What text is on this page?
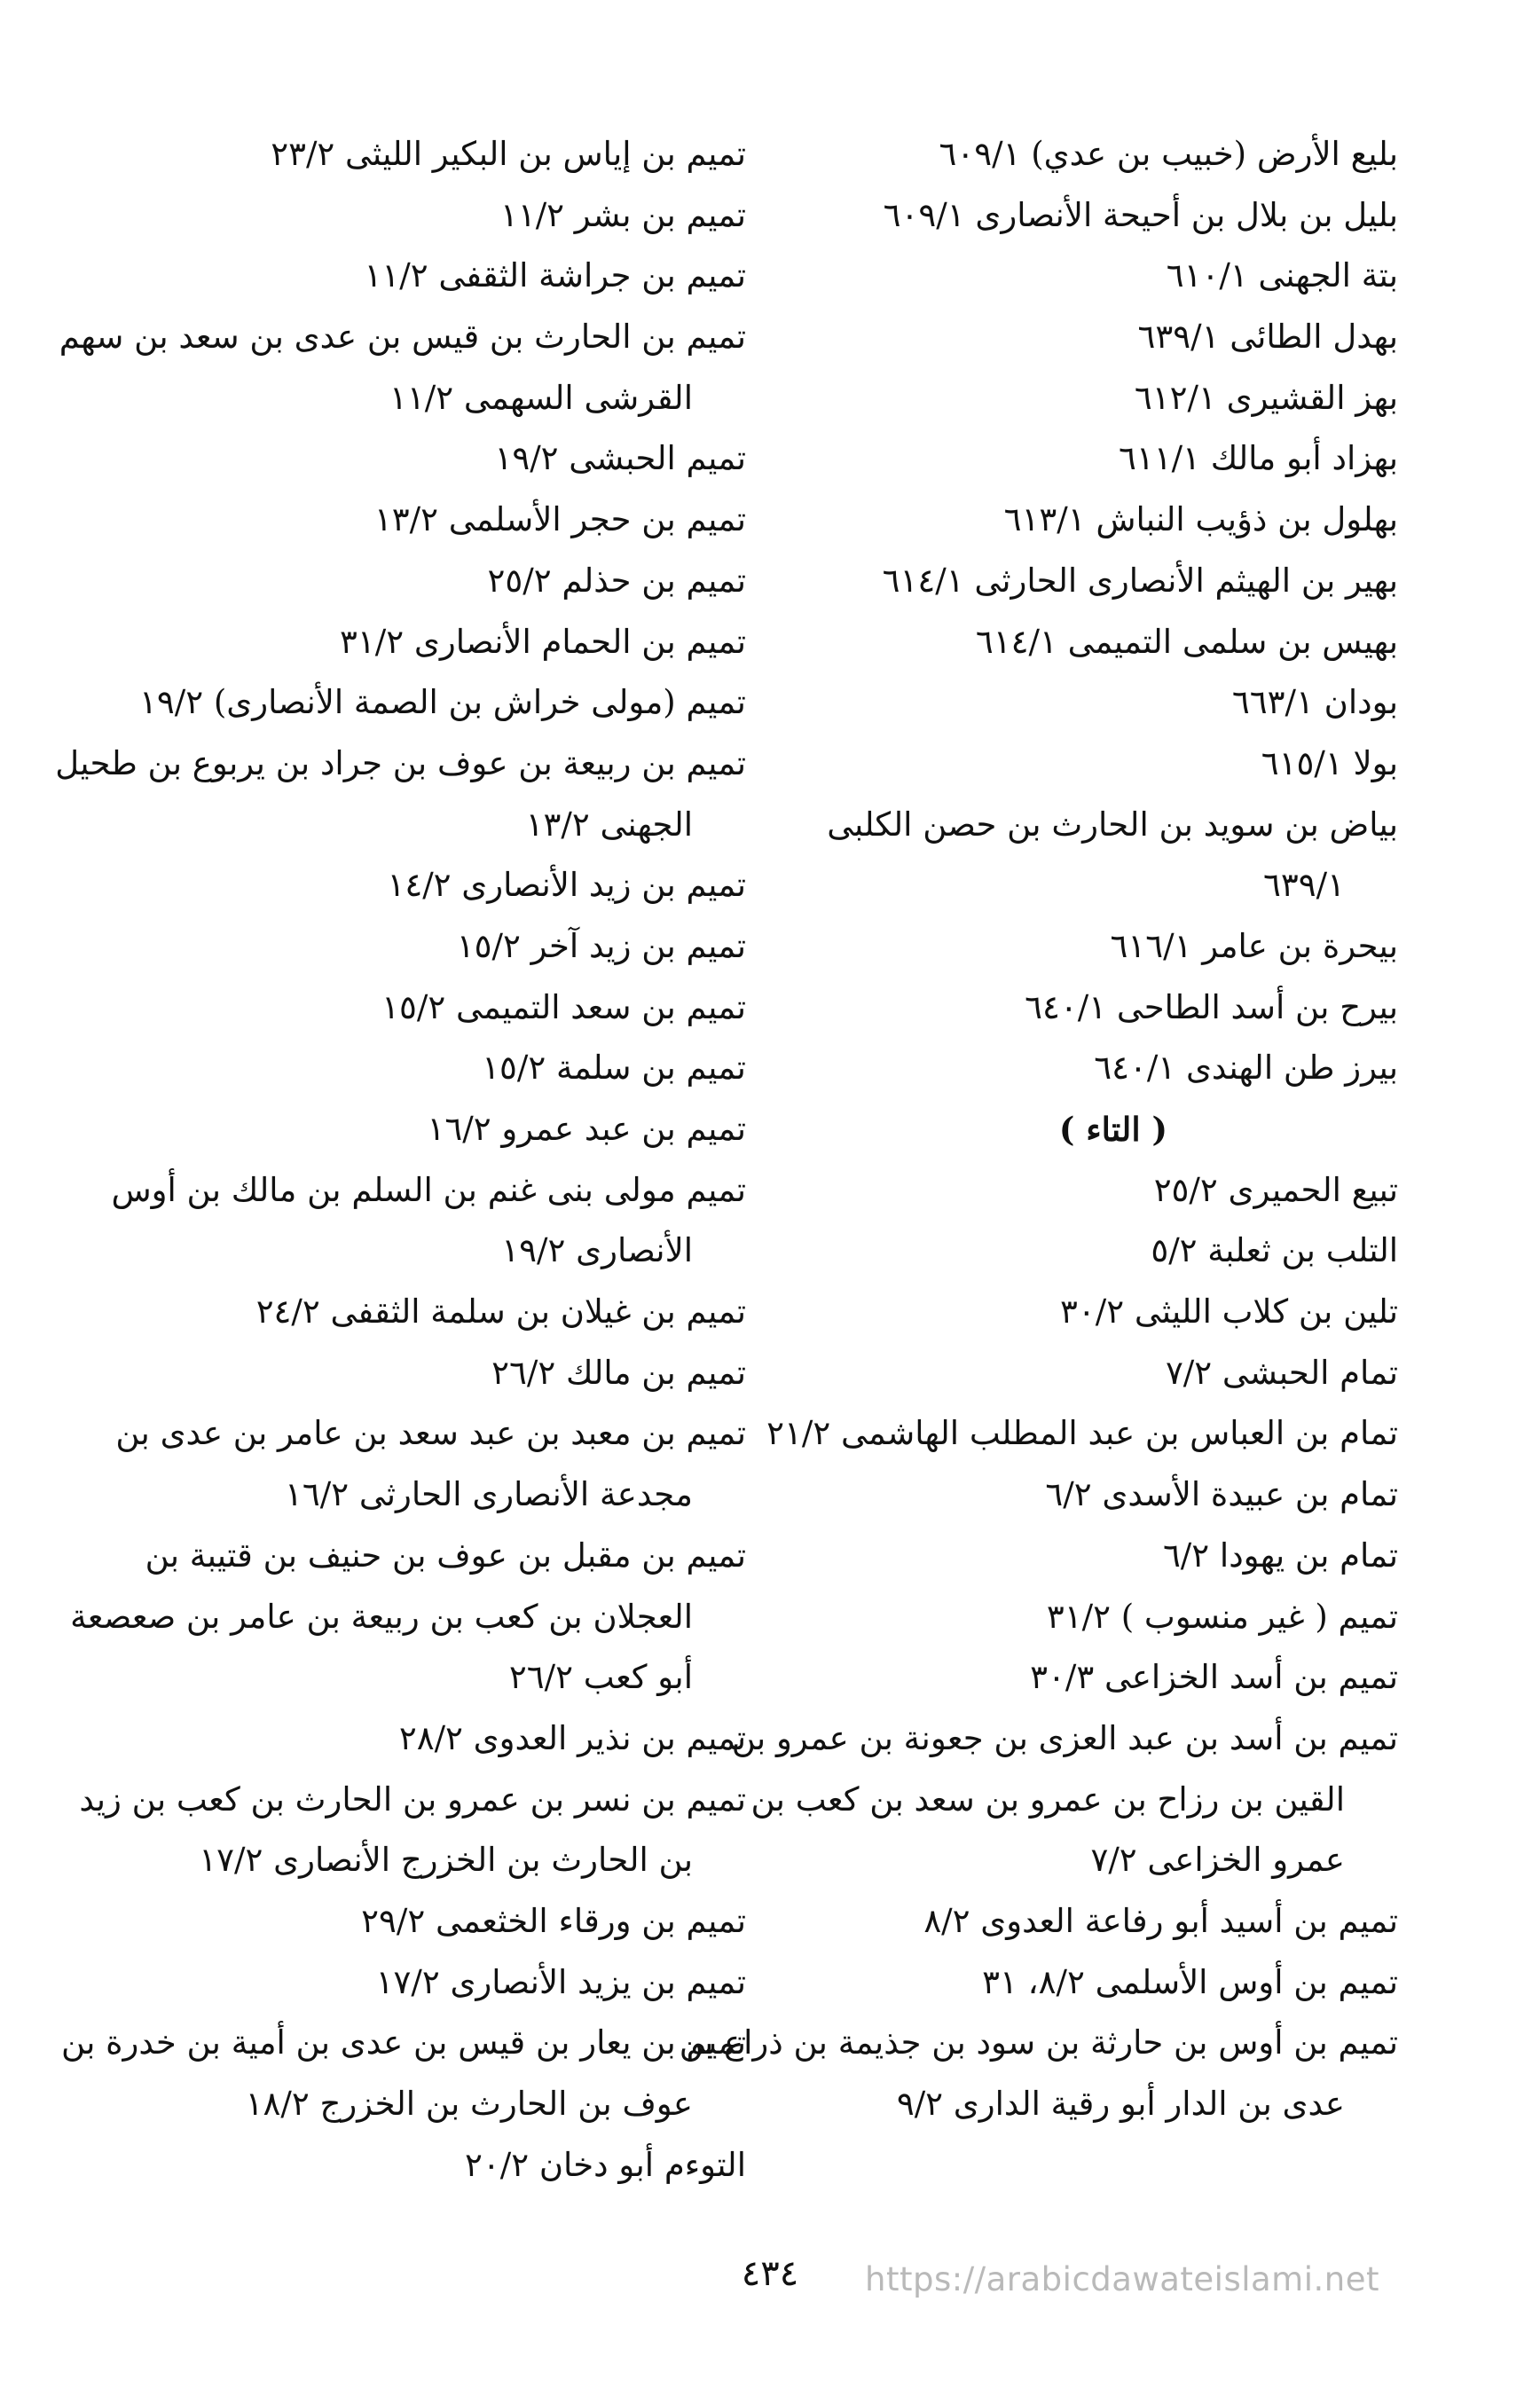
بليع الأرض (خبيب بن عدي) ٦٠٩/١
بليل بن بلال بن أحيحة الأنصارى ٦٠٩/١
بتة الجهنى ٦١٠/١
بهدل الطائى ٦٣٩/١
بهز القشيرى ٦١٢/١
بهزاد أبو مالك ٦١١/١
بهلول بن ذؤيب النباش ٦١٣/١
بهير بن الهيثم الأنصارى الحارثى ٦١٤/١
بهيس بن سلمى التميمى ٦١٤/١
بودان ٦٦٣/١
بولا ٦١٥/١
بياض بن سويد بن الحارث بن حصن الكلبى
٦٣٩/١
بيحرة بن عامر ٦١٦/١
بيرح بن أسد الطاحى ٦٤٠/١
بيرز طن الهندى ٦٤٠/١
( التاء )
تبيع الحميرى ٢٥/٢
التلب بن ثعلبة ٥/٢
تلين بن كلاب الليثى ٣٠/٢
تمام الحبشى ٧/٢
تمام بن العباس بن عبد المطلب الهاشمى ٢١/٢
تمام بن عبيدة الأسدى ٦/٢
تمام بن يهودا ٦/٢
تميم ( غير منسوب ) ٣١/٢
تميم بن أسد الخزاعى ٣٠/٣
تميم بن أسد بن عبد العزى بن جعونة بن عمرو بن
القين بن رزاح بن عمرو بن سعد بن كعب بن
عمرو الخزاعى ٧/٢
تميم بن أسيد أبو رفاعة العدوى ٨/٢
تميم بن أوس الأسلمى ٨/٢، ٣١
تميم بن أوس بن حارثة بن سود بن جذيمة بن ذراع بن
عدى بن الدار أبو رقية الدارى ٩/٢
تميم بن إياس بن البكير الليثى ٢٣/٢
تميم بن بشر ١١/٢
تميم بن جراشة الثقفى ١١/٢
تميم بن الحارث بن قيس بن عدى بن سعد بن سهم
القرشى السهمى ١١/٢
تميم الحبشى ١٩/٢
تميم بن حجر الأسلمى ١٣/٢
تميم بن حذلم ٢٥/٢
تميم بن الحمام الأنصارى ٣١/٢
تميم (مولى خراش بن الصمة الأنصارى) ١٩/٢
تميم بن ربيعة بن عوف بن جراد بن يربوع بن طحيل
الجهنى ١٣/٢
تميم بن زيد الأنصارى ١٤/٢
تميم بن زيد آخر ١٥/٢
تميم بن سعد التميمى ١٥/٢
تميم بن سلمة ١٥/٢
تميم بن عبد عمرو ١٦/٢
تميم مولى بنى غنم بن السلم بن مالك بن أوس
الأنصارى ١٩/٢
تميم بن غيلان بن سلمة الثقفى ٢٤/٢
تميم بن مالك ٢٦/٢
تميم بن معبد بن عبد سعد بن عامر بن عدى بن
مجدعة الأنصارى الحارثى ١٦/٢
تميم بن مقبل بن عوف بن حنيف بن قتيبة بن
العجلان بن كعب بن ربيعة بن عامر بن صعصعة
أبو كعب ٢٦/٢
تميم بن نذير العدوى ٢٨/٢
تميم بن نسر بن عمرو بن الحارث بن كعب بن زيد
بن الحارث بن الخزرج الأنصارى ١٧/٢
تميم بن ورقاء الخثعمى ٢٩/٢
تميم بن يزيد الأنصارى ١٧/٢
تميم بن يعار بن قيس بن عدى بن أمية بن خدرة بن
عوف بن الحارث بن الخزرج ١٨/٢
التوءم أبو دخان ٢٠/٢
٤٣٤	https://arabicdawateislami.net
